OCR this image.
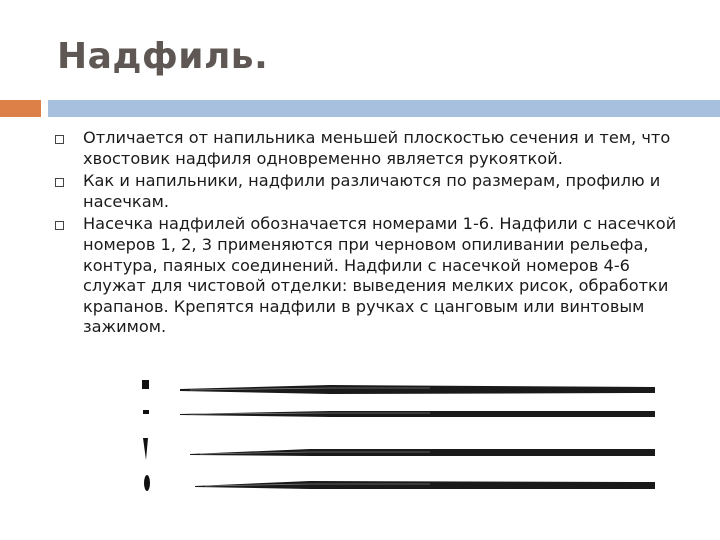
Надфиль.
Отличается от напильника меньшей плоскостью сечения и тем, что хвостовик надфиля одновременно является рукояткой.
Как и напильники, надфили различаются по размерам, профилю и насечкам.
Насечка надфилей обозначается номерами 1-6. Надфили с насечкой номеров 1, 2, 3 применяются при черновом опиливании рельефа, контура, паяных соединений. Надфили с насечкой номеров 4-6 служат для чистовой отделки: выведения мелких рисок, обработки крапанов. Крепятся надфили в ручках с цанговым или винтовым зажимом.
